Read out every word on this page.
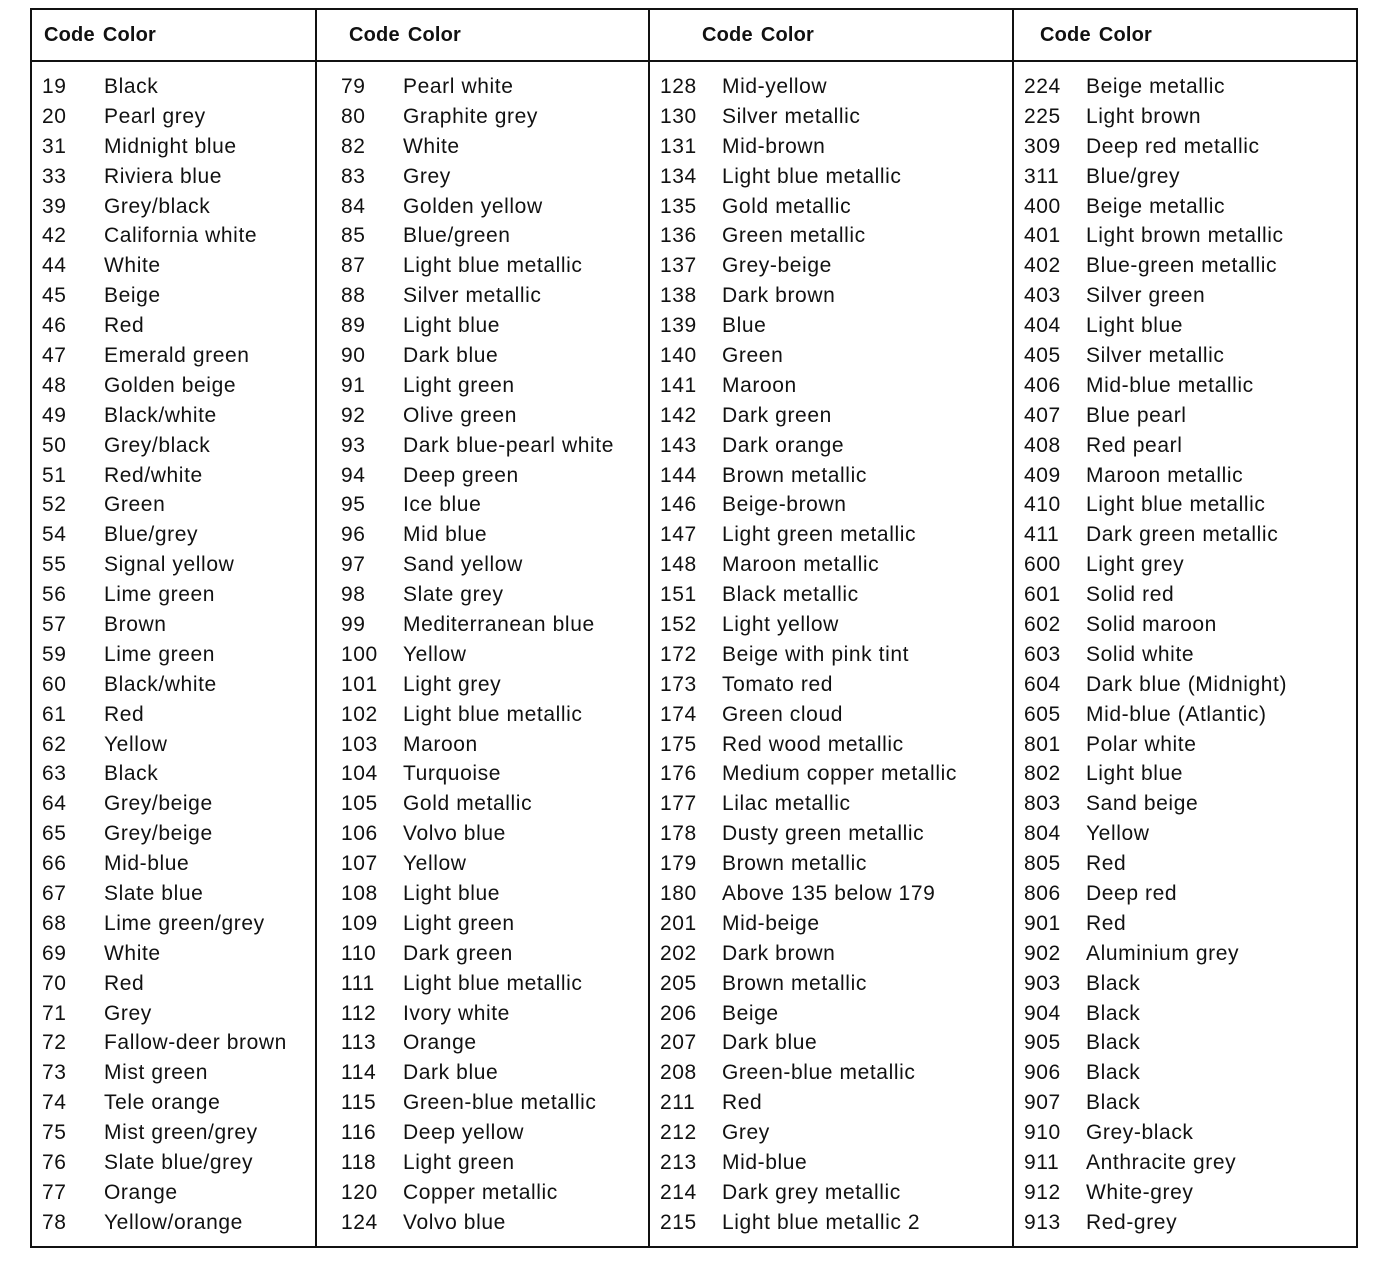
Code Color
19	Black
20	Pearl grey
31	Midnight blue
33	Riviera blue
39	Grey/black
42	California white
44	White
45	Beige
46	Red
47	Emerald green
48	Golden beige
49	Black/white
50	Grey/black
51	Red/white
52	Green
54	Blue/grey
55	Signal yellow
56	Lime green
57	Brown
59	Lime green
60	Black/white
61	Red
62	Yellow
63	Black
64	Grey/beige
65	Grey/beige
66	Mid-blue
67	Slate blue
68	Lime green/grey
69	White
70	Red
71	Grey
72	Fallow-deer brown
73	Mist green
74	Tele orange
75	Mist green/grey
76	Slate blue/grey
77	Orange
78	Yellow/orange
Code Color
79	Pearl white
80	Graphite grey
82	White
83	Grey
84	Golden yellow
85	Blue/green
87	Light blue metallic
88	Silver metallic
89	Light blue
90	Dark blue
91	Light green
92	Olive green
93	Dark blue-pearl white
94	Deep green
95	Ice blue
96	Mid blue
97	Sand yellow
98	Slate grey
99	Mediterranean blue
100	Yellow
101	Light grey
102	Light blue metallic
103	Maroon
104	Turquoise
105	Gold metallic
106	Volvo blue
107	Yellow
108	Light blue
109	Light green
110	Dark green
111	Light blue metallic
112	Ivory white
113	Orange
114	Dark blue
115	Green-blue metallic
116	Deep yellow
118	Light green
120	Copper metallic
124	Volvo blue
Code Color
128	Mid-yellow
130	Silver metallic
131	Mid-brown
134	Light blue metallic
135	Gold metallic
136	Green metallic
137	Grey-beige
138	Dark brown
139	Blue
140	Green
141	Maroon
142	Dark green
143	Dark orange
144	Brown metallic
146	Beige-brown
147	Light green metallic
148	Maroon metallic
151	Black metallic
152	Light yellow
172	Beige with pink tint
173	Tomato red
174	Green cloud
175	Red wood metallic
176	Medium copper metallic
177	Lilac metallic
178	Dusty green metallic
179	Brown metallic
180	Above 135 below 179
201	Mid-beige
202	Dark brown
205	Brown metallic
206	Beige
207	Dark blue
208	Green-blue metallic
211	Red
212	Grey
213	Mid-blue
214	Dark grey metallic
215	Light blue metallic 2
Code Color
224	Beige metallic
225	Light brown
309	Deep red metallic
311	Blue/grey
400	Beige metallic
401	Light brown metallic
402	Blue-green metallic
403	Silver green
404	Light blue
405	Silver metallic
406	Mid-blue metallic
407	Blue pearl
408	Red pearl
409	Maroon metallic
410	Light blue metallic
411	Dark green metallic
600	Light grey
601	Solid red
602	Solid maroon
603	Solid white
604	Dark blue (Midnight)
605	Mid-blue (Atlantic)
801	Polar white
802	Light blue
803	Sand beige
804	Yellow
805	Red
806	Deep red
901	Red
902	Aluminium grey
903	Black
904	Black
905	Black
906	Black
907	Black
910	Grey-black
911	Anthracite grey
912	White-grey
913	Red-grey
